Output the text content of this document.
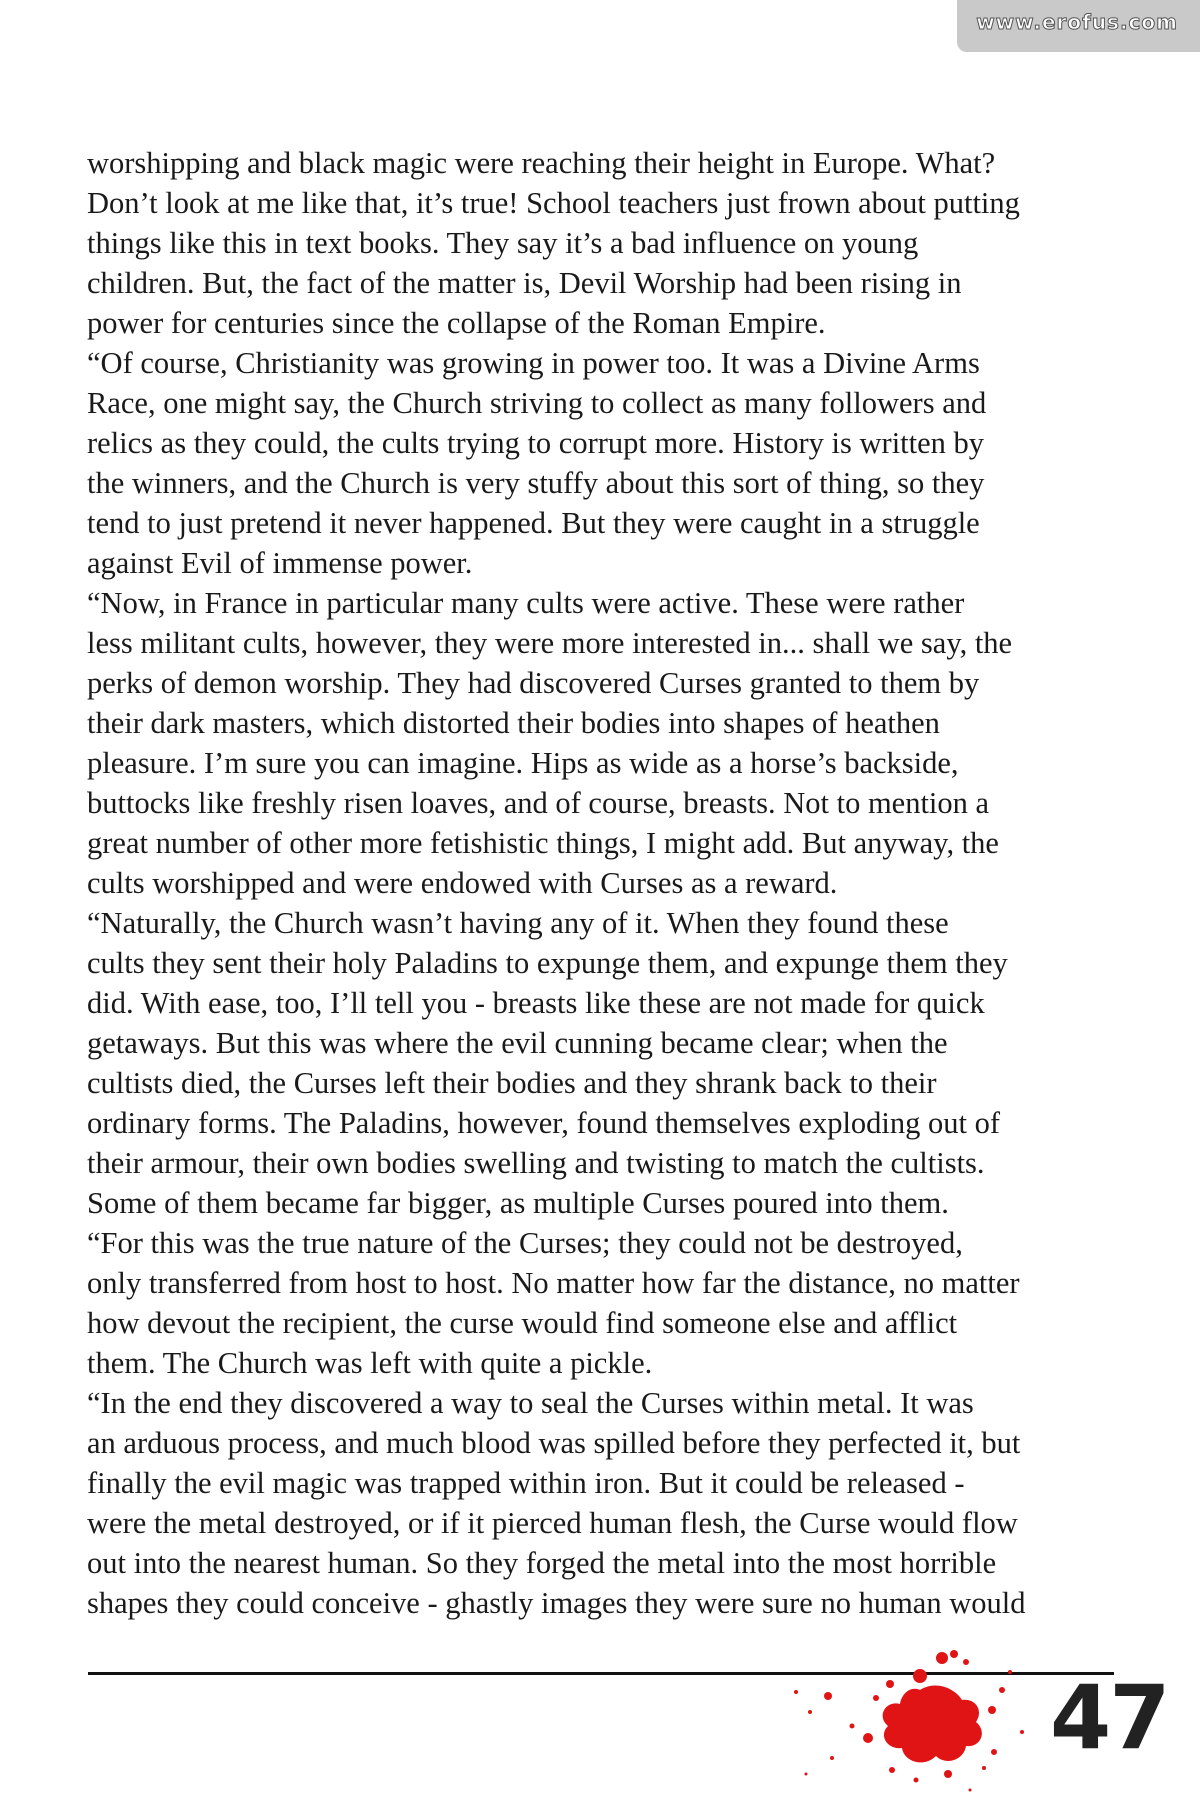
www.erofus.com
worshipping and black magic were reaching their height in Europe. What?
Don’t look at me like that, it’s true! School teachers just frown about putting
things like this in text books. They say it’s a bad influence on young
children. But, the fact of the matter is, Devil Worship had been rising in
power for centuries since the collapse of the Roman Empire.
“Of course, Christianity was growing in power too. It was a Divine Arms
Race, one might say, the Church striving to collect as many followers and
relics as they could, the cults trying to corrupt more. History is written by
the winners, and the Church is very stuffy about this sort of thing, so they
tend to just pretend it never happened. But they were caught in a struggle
against Evil of immense power.
“Now, in France in particular many cults were active. These were rather
less militant cults, however, they were more interested in... shall we say, the
perks of demon worship. They had discovered Curses granted to them by
their dark masters, which distorted their bodies into shapes of heathen
pleasure. I’m sure you can imagine. Hips as wide as a horse’s backside,
buttocks like freshly risen loaves, and of course, breasts. Not to mention a
great number of other more fetishistic things, I might add. But anyway, the
cults worshipped and were endowed with Curses as a reward.
“Naturally, the Church wasn’t having any of it. When they found these
cults they sent their holy Paladins to expunge them, and expunge them they
did. With ease, too, I’ll tell you - breasts like these are not made for quick
getaways. But this was where the evil cunning became clear; when the
cultists died, the Curses left their bodies and they shrank back to their
ordinary forms. The Paladins, however, found themselves exploding out of
their armour, their own bodies swelling and twisting to match the cultists.
Some of them became far bigger, as multiple Curses poured into them.
“For this was the true nature of the Curses; they could not be destroyed,
only transferred from host to host. No matter how far the distance, no matter
how devout the recipient, the curse would find someone else and afflict
them. The Church was left with quite a pickle.
“In the end they discovered a way to seal the Curses within metal. It was
an arduous process, and much blood was spilled before they perfected it, but
finally the evil magic was trapped within iron. But it could be released -
were the metal destroyed, or if it pierced human flesh, the Curse would flow
out into the nearest human. So they forged the metal into the most horrible
shapes they could conceive - ghastly images they were sure no human would
47
